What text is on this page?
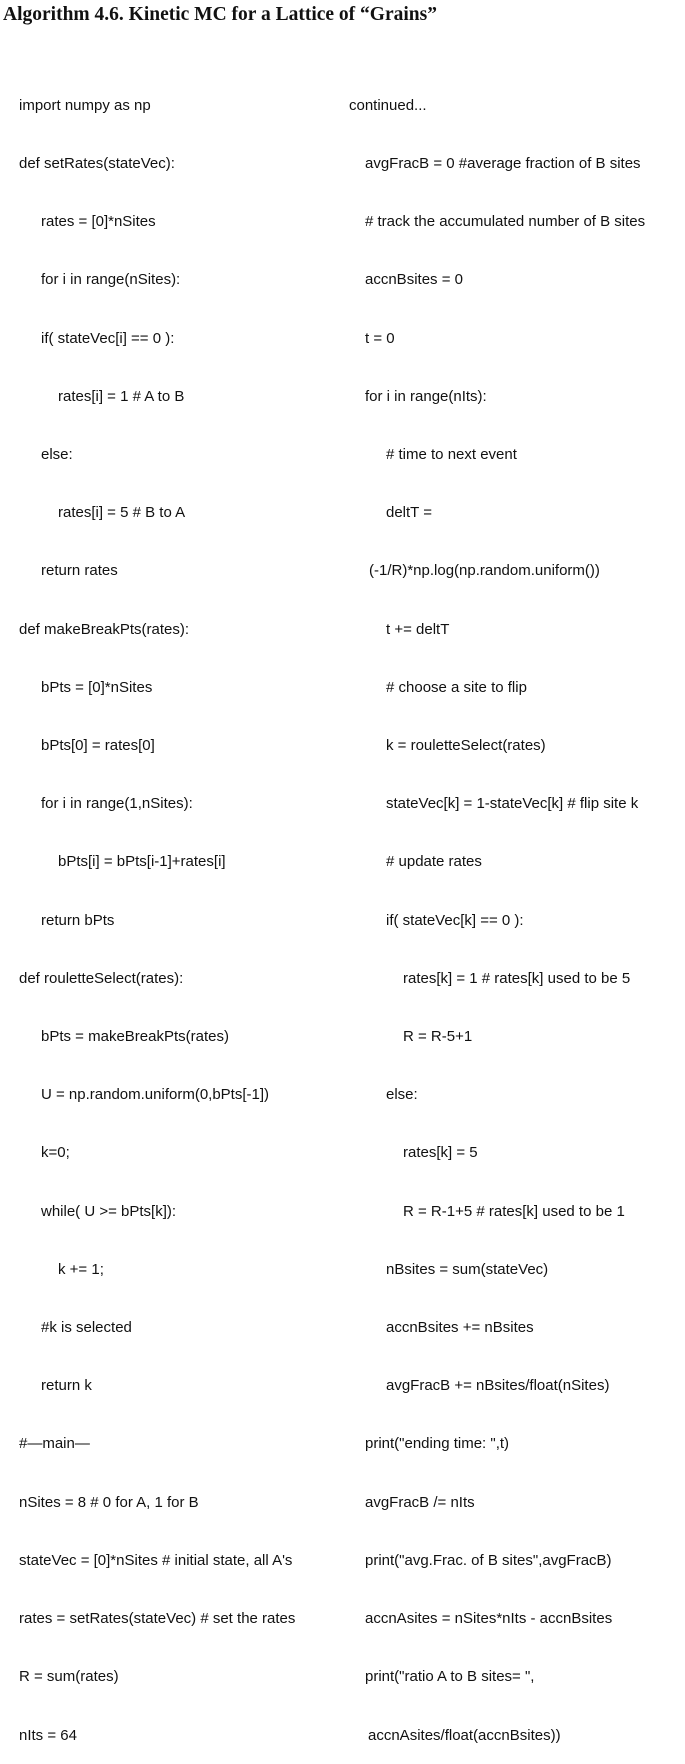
Algorithm 4.6. Kinetic MC for a Lattice of “Grains”

import numpy as np

def setRates(stateVec):

rates = [0]*nSites

for i in range(nSites):

if( stateVec[i] == 0 ):

rates[i] = 1 # A to B

else:

rates[i] = 5 # B to A

return rates

def makeBreakPts(rates):

bPts = [0]*nSites

bPts[0] = rates[0]

for i in range(1,nSites):

bPts[i] = bPts[i-1]+rates[i]

return bPts

def rouletteSelect(rates):

bPts = makeBreakPts(rates)

U = np.random.uniform(0,bPts[-1])

k=0;

while( U >= bPts[k]):

k += 1;

#k is selected

return k

#—main—

nSites = 8 # 0 for A, 1 for B

stateVec = [0]*nSites # initial state, all A's

rates = setRates(stateVec) # set the rates

R = sum(rates)

nIts = 64

continued...

avgFracB = 0 #average fraction of B sites

# track the accumulated number of B sites

accnBsites = 0

t = 0

for i in range(nIts):

# time to next event

deltT =

(-1/R)*np.log(np.random.uniform())

t += deltT

# choose a site to flip

k = rouletteSelect(rates)

stateVec[k] = 1-stateVec[k] # flip site k

# update rates

if( stateVec[k] == 0 ):

rates[k] = 1 # rates[k] used to be 5

R = R-5+1

else:

rates[k] = 5

R = R-1+5 # rates[k] used to be 1

nBsites = sum(stateVec)

accnBsites += nBsites

avgFracB += nBsites/float(nSites)

print("ending time: ",t)

avgFracB /= nIts

print("avg.Frac. of B sites",avgFracB)

accnAsites = nSites*nIts - accnBsites

print("ratio A to B sites= ",

accnAsites/float(accnBsites))
